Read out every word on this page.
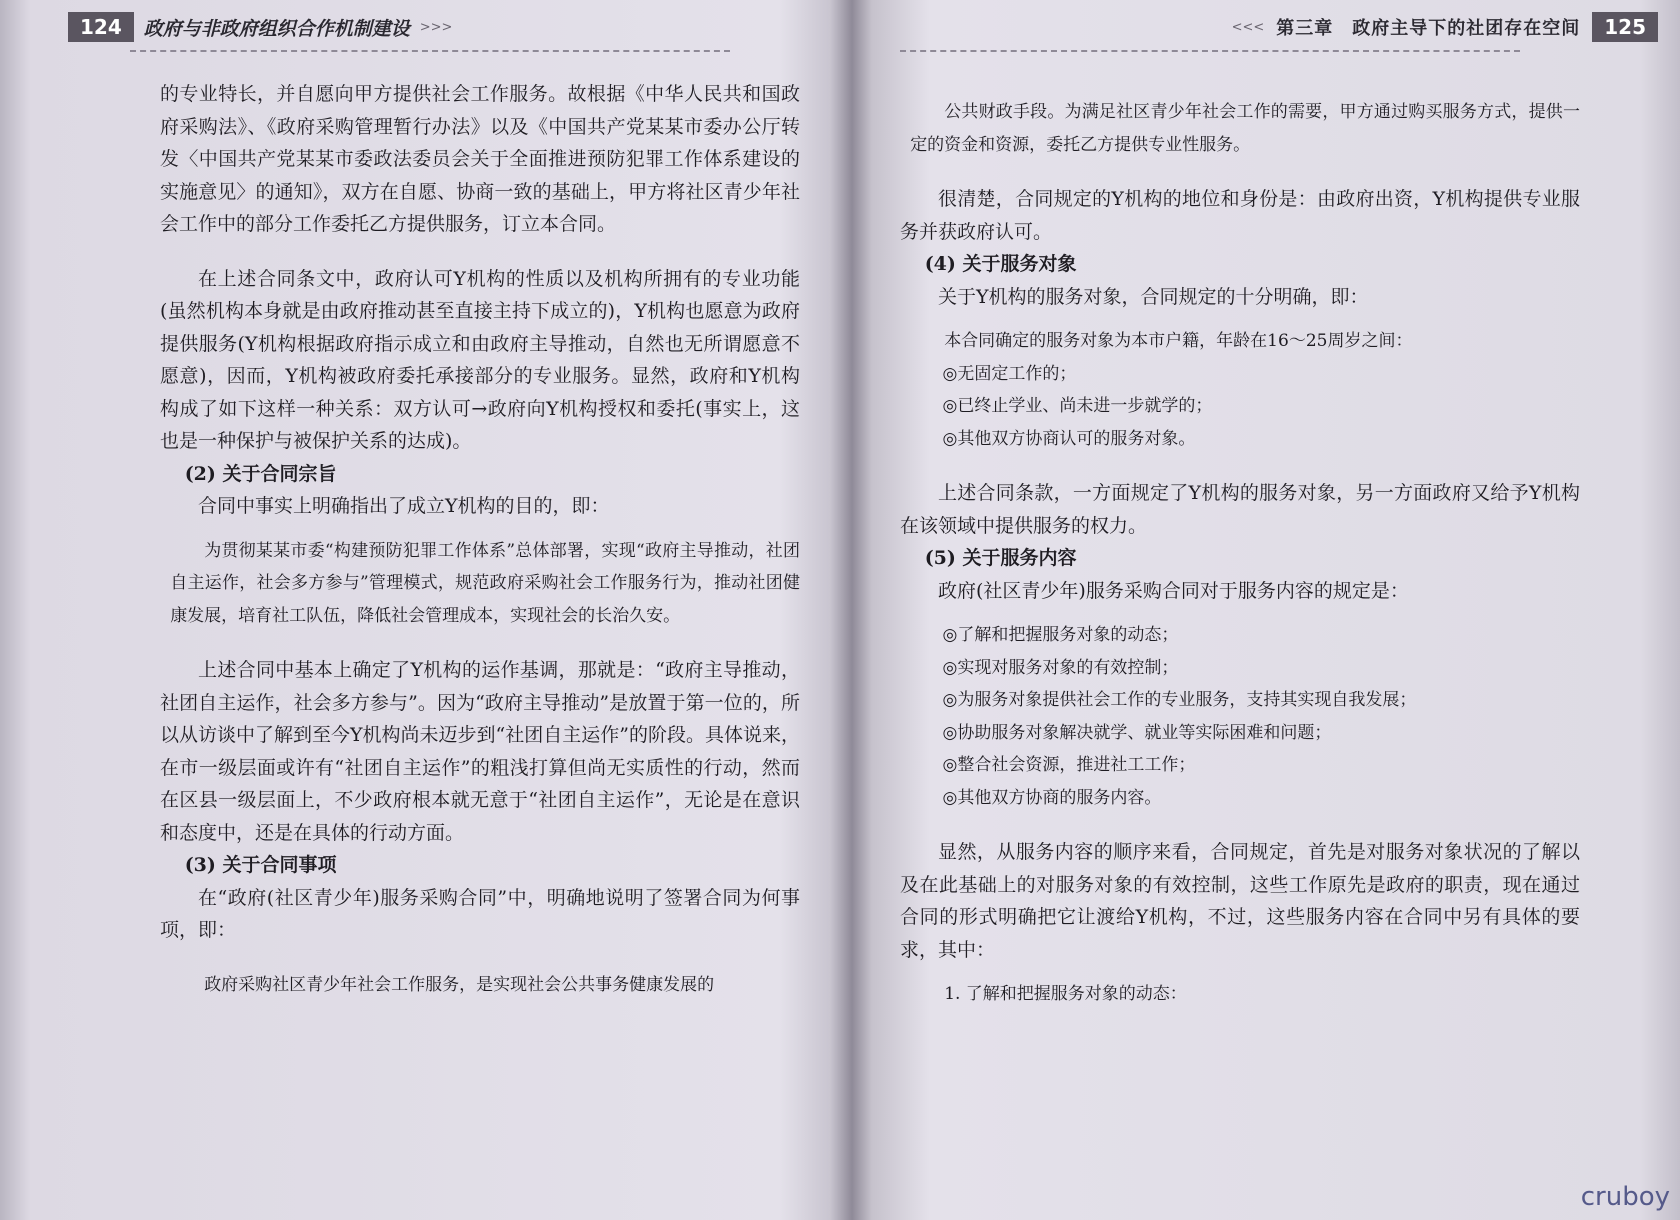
124	政府与非政府组织合作机制建设 >>>

的专业特长，并自愿向甲方提供社会工作服务。故根据《中华人民共和国政府采购法》、《政府采购管理暂行办法》以及《中国共产党某某市委办公厅转发〈中国共产党某某市委政法委员会关于全面推进预防犯罪工作体系建设的实施意见〉的通知》，双方在自愿、协商一致的基础上，甲方将社区青少年社会工作中的部分工作委托乙方提供服务，订立本合同。

在上述合同条文中，政府认可Y机构的性质以及机构所拥有的专业功能(虽然机构本身就是由政府推动甚至直接主持下成立的)，Y机构也愿意为政府提供服务(Y机构根据政府指示成立和由政府主导推动，自然也无所谓愿意不愿意)，因而，Y机构被政府委托承接部分的专业服务。显然，政府和Y机构构成了如下这样一种关系：双方认可→政府向Y机构授权和委托(事实上，这也是一种保护与被保护关系的达成)。

(2) 关于合同宗旨

合同中事实上明确指出了成立Y机构的目的，即：

为贯彻某某市委“构建预防犯罪工作体系”总体部署，实现“政府主导推动，社团自主运作，社会多方参与”管理模式，规范政府采购社会工作服务行为，推动社团健康发展，培育社工队伍，降低社会管理成本，实现社会的长治久安。

上述合同中基本上确定了Y机构的运作基调，那就是：“政府主导推动，社团自主运作，社会多方参与”。因为“政府主导推动”是放置于第一位的，所以从访谈中了解到至今Y机构尚未迈步到“社团自主运作”的阶段。具体说来，在市一级层面或许有“社团自主运作”的粗浅打算但尚无实质性的行动，然而在区县一级层面上，不少政府根本就无意于“社团自主运作”，无论是在意识和态度中，还是在具体的行动方面。

(3) 关于合同事项

在“政府(社区青少年)服务采购合同”中，明确地说明了签署合同为何事项，即：

政府采购社区青少年社会工作服务，是实现社会公共事务健康发展的

<<< 第三章　政府主导下的社团存在空间	125

公共财政手段。为满足社区青少年社会工作的需要，甲方通过购买服务方式，提供一定的资金和资源，委托乙方提供专业性服务。

很清楚，合同规定的Y机构的地位和身份是：由政府出资，Y机构提供专业服务并获政府认可。

(4) 关于服务对象

关于Y机构的服务对象，合同规定的十分明确，即：

本合同确定的服务对象为本市户籍，年龄在16～25周岁之间：

◎无固定工作的；

◎已终止学业、尚未进一步就学的；

◎其他双方协商认可的服务对象。

上述合同条款，一方面规定了Y机构的服务对象，另一方面政府又给予Y机构在该领域中提供服务的权力。

(5) 关于服务内容

政府(社区青少年)服务采购合同对于服务内容的规定是：

◎了解和把握服务对象的动态；

◎实现对服务对象的有效控制；

◎为服务对象提供社会工作的专业服务，支持其实现自我发展；

◎协助服务对象解决就学、就业等实际困难和问题；

◎整合社会资源，推进社工工作；

◎其他双方协商的服务内容。

显然，从服务内容的顺序来看，合同规定，首先是对服务对象状况的了解以及在此基础上的对服务对象的有效控制，这些工作原先是政府的职责，现在通过合同的形式明确把它让渡给Y机构，不过，这些服务内容在合同中另有具体的要求，其中：

1. 了解和把握服务对象的动态：

cruboy
